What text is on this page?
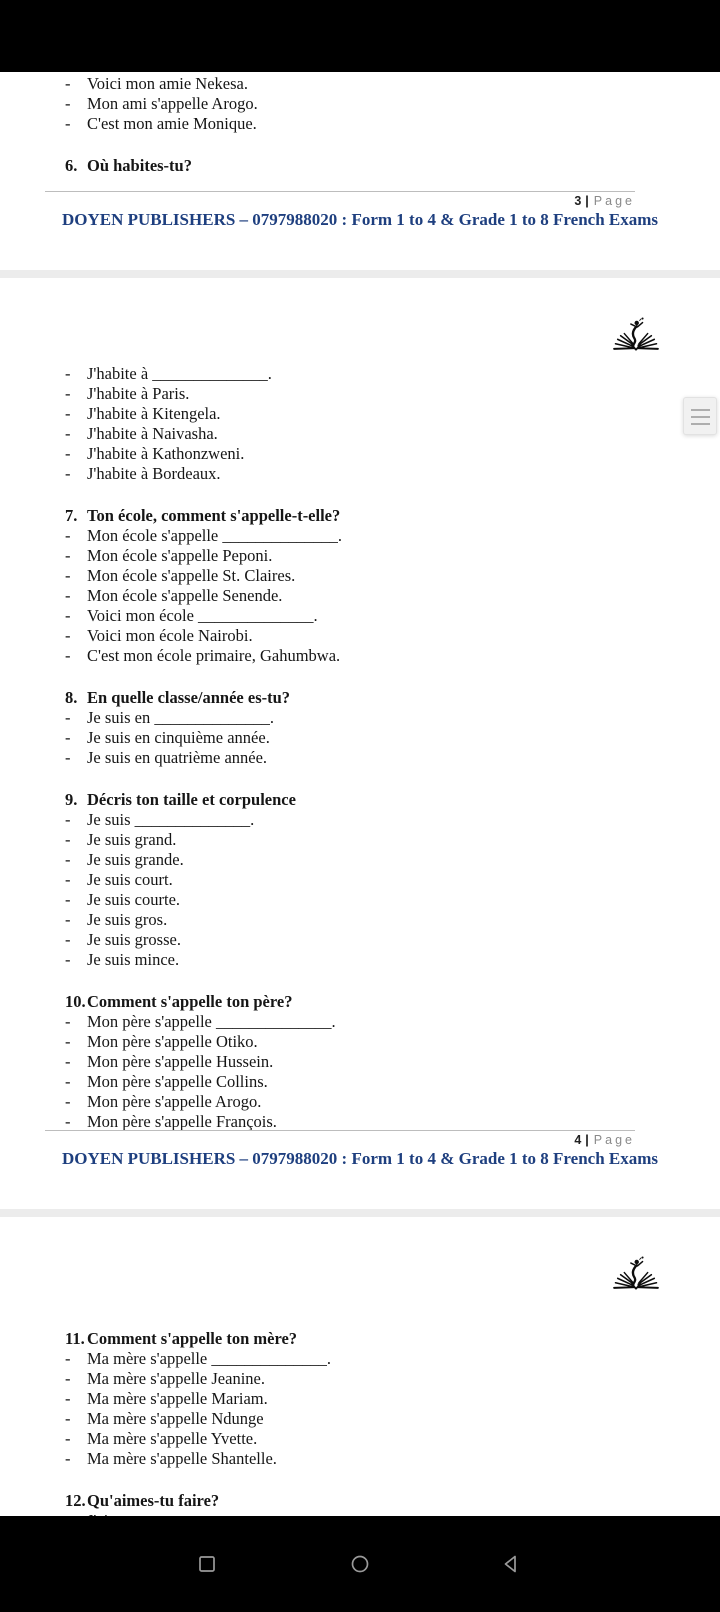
- Voici mon amie Nekesa.
- Mon ami s'appelle Arogo.
- C'est mon amie Monique.
6. Où habites-tu?
3 | Page
DOYEN PUBLISHERS – 0797988020 : Form 1 to 4 & Grade 1 to 8 French Exams
- J'habite à ______________.
- J'habite à Paris.
- J'habite à Kitengela.
- J'habite à Naivasha.
- J'habite à Kathonzweni.
- J'habite à Bordeaux.
7. Ton école, comment s'appelle-t-elle?
- Mon école s'appelle ______________.
- Mon école s'appelle Peponi.
- Mon école s'appelle St. Claires.
- Mon école s'appelle Senende.
- Voici mon école ______________.
- Voici mon école Nairobi.
- C'est mon école primaire, Gahumbwa.
8. En quelle classe/année es-tu?
- Je suis en ______________.
- Je suis en cinquième année.
- Je suis en quatrième année.
9. Décris ton taille et corpulence
- Je suis ______________.
- Je suis grand.
- Je suis grande.
- Je suis court.
- Je suis courte.
- Je suis gros.
- Je suis grosse.
- Je suis mince.
10.Comment s'appelle ton père?
- Mon père s'appelle ______________.
- Mon père s'appelle Otiko.
- Mon père s'appelle Hussein.
- Mon père s'appelle Collins.
- Mon père s'appelle Arogo.
- Mon père s'appelle François.
4 | Page
DOYEN PUBLISHERS – 0797988020 : Form 1 to 4 & Grade 1 to 8 French Exams
11. Comment s'appelle ton mère?
- Ma mère s'appelle ______________.
- Ma mère s'appelle Jeanine.
- Ma mère s'appelle Mariam.
- Ma mère s'appelle Ndunge
- Ma mère s'appelle Yvette.
- Ma mère s'appelle Shantelle.
12.Qu'aimes-tu faire?
